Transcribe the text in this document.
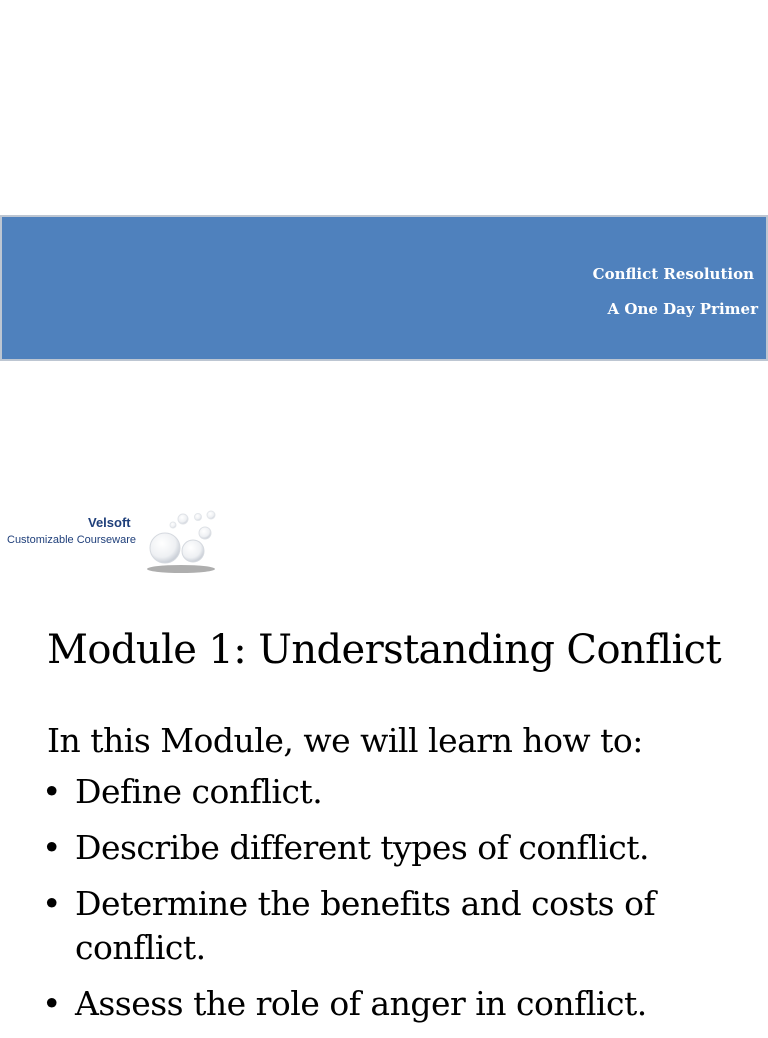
Conflict Resolution
A One Day Primer
Velsoft
Customizable Courseware
Module 1: Understanding Conflict
In this Module, we will learn how to:
• Define conflict.
• Describe different types of conflict.
• Determine the benefits and costs of conflict.
• Assess the role of anger in conflict.
